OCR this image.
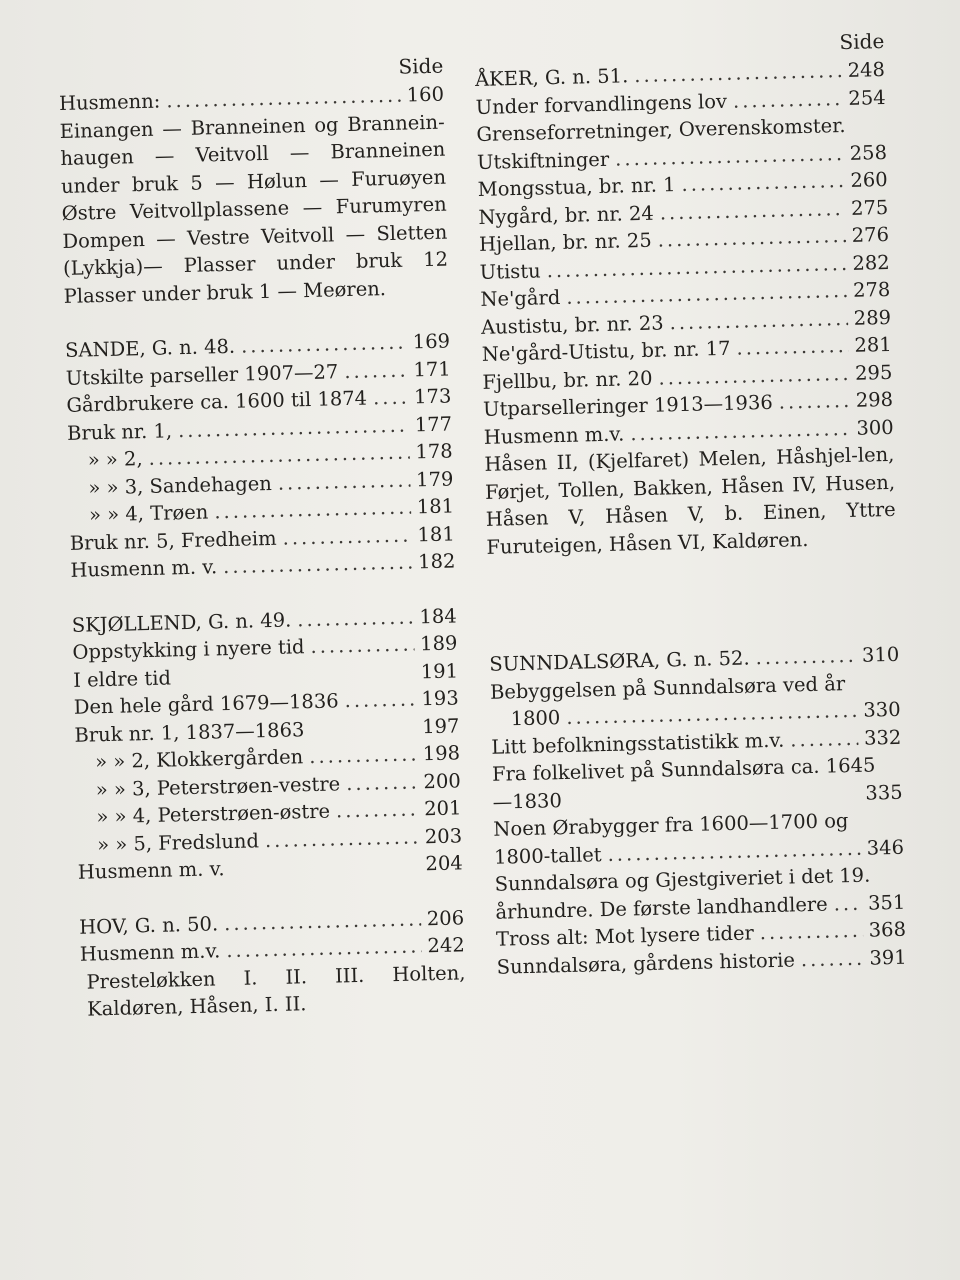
Side
Husmenn: .....	160
Einangen — Branneinen og Brannein-haugen — Veitvoll — Branneinen under bruk 5 — Hølun — Furuøyen Østre Veitvollplassene — Furumyren Dompen — Vestre Veitvoll — Sletten (Lykkja)— Plasser under bruk 12 Plasser under bruk 1 — Meøren.
SANDE, G. n. 48. .....	169
Utskilte parseller 1907—27 .....	171
Gårdbrukere ca. 1600 til 1874 ..... 173
Bruk nr. 1, .....	177
» » 2, .....	178
» » 3, Sandehagen .....	179
» » 4, Trøen .....	181
Bruk nr. 5, Fredheim .....	181
Husmenn m. v. .....	182
SKJØLLEND, G. n. 49. .....	184
Oppstykking i nyere tid .....	189
I eldre tid	191
Den hele gård 1679—1836 .....	193
Bruk nr. 1, 1837—1863	197
» » 2, Klokkergården .....	198
» » 3, Peterstrøen-vestre .....	200
» » 4, Peterstrøen-østre .....	201
» » 5, Fredslund .....	203
Husmenn m. v.	204
HOV, G. n. 50. .....	206
Husmenn m.v. .....	242
Presteløkken I. II. III. Holten, Kaldøren, Håsen, I. II.
Side
ÅKER, G. n. 51. .....	248
Under forvandlingens lov .....	254
Grenseforretninger, Overenskomster.
Utskiftninger .....	258
Mongsstua, br. nr. 1 .....	260
Nygård, br. nr. 24 .....	275
Hjellan, br. nr. 25 .....	276
Utistu .....	282
Ne'gård .....	278
Austistu, br. nr. 23 .....	289
Ne'gård-Utistu, br. nr. 17 .....	281
Fjellbu, br. nr. 20 .....	295
Utparselleringer 1913—1936 .....	298
Husmenn m.v. .....	300
Håsen II, (Kjelfaret) Melen, Håshjel-len, Førjet, Tollen, Bakken, Håsen IV, Husen, Håsen V, Håsen V, b. Einen, Yttre Furuteigen, Håsen VI, Kaldøren.
SUNNDALSØRA, G. n. 52. .....	310
Bebyggelsen på Sunndalsøra ved år
1800 .....	330
Litt befolkningsstatistikk m.v. .....	332
Fra folkelivet på Sunndalsøra ca. 1645
—1830	335
Noen Ørabygger fra 1600—1700 og
1800-tallet .....	346
Sunndalsøra og Gjestgiveriet i det 19.
århundre. De første landhandlere ..... 351
Tross alt: Mot lysere tider .....	368
Sunndalsøra, gårdens historie .....	391
